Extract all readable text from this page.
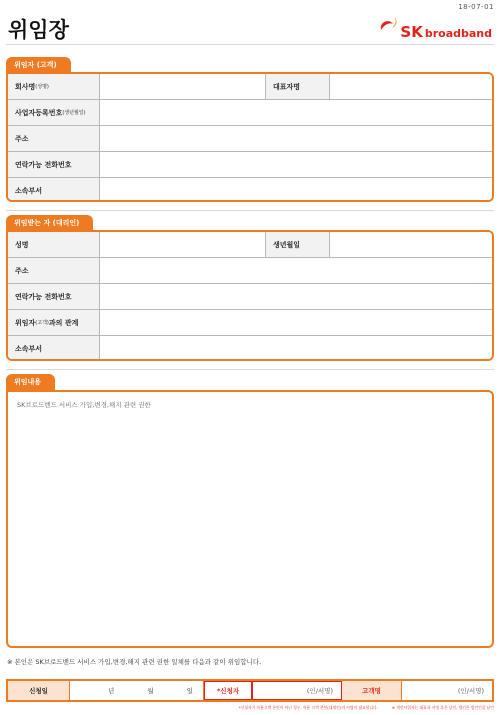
18-07-01
위임장	SK broadband
위임자 (고객)
회사명 (성명)	대표자명
사업자등록번호 (생년월일)
주소
연락가능 전화번호
소속부서
위임받는 자 (대리인)
성명	생년월일
주소
연락가능 전화번호
위임자 (고객) 과의 관계
소속부서
위임내용
SK브로드밴드 서비스 가입,변경,해지 관련 권한
※ 본인은 SK브로드밴드 서비스 가입,변경,해지 관련 권한 일체를 다음과 같이 위임합니다.
신청일	년	월	일	*신청자	(인/서명)	고객명	(인/서명)
*신청자가 이용고객 본인이 아닌 경우, 이용 고객 본인(대개인)의 서명이 필요합니다.	※ 개인사업자는 대표자 서명 혹은 날인, 법인은 법인인감 날인
